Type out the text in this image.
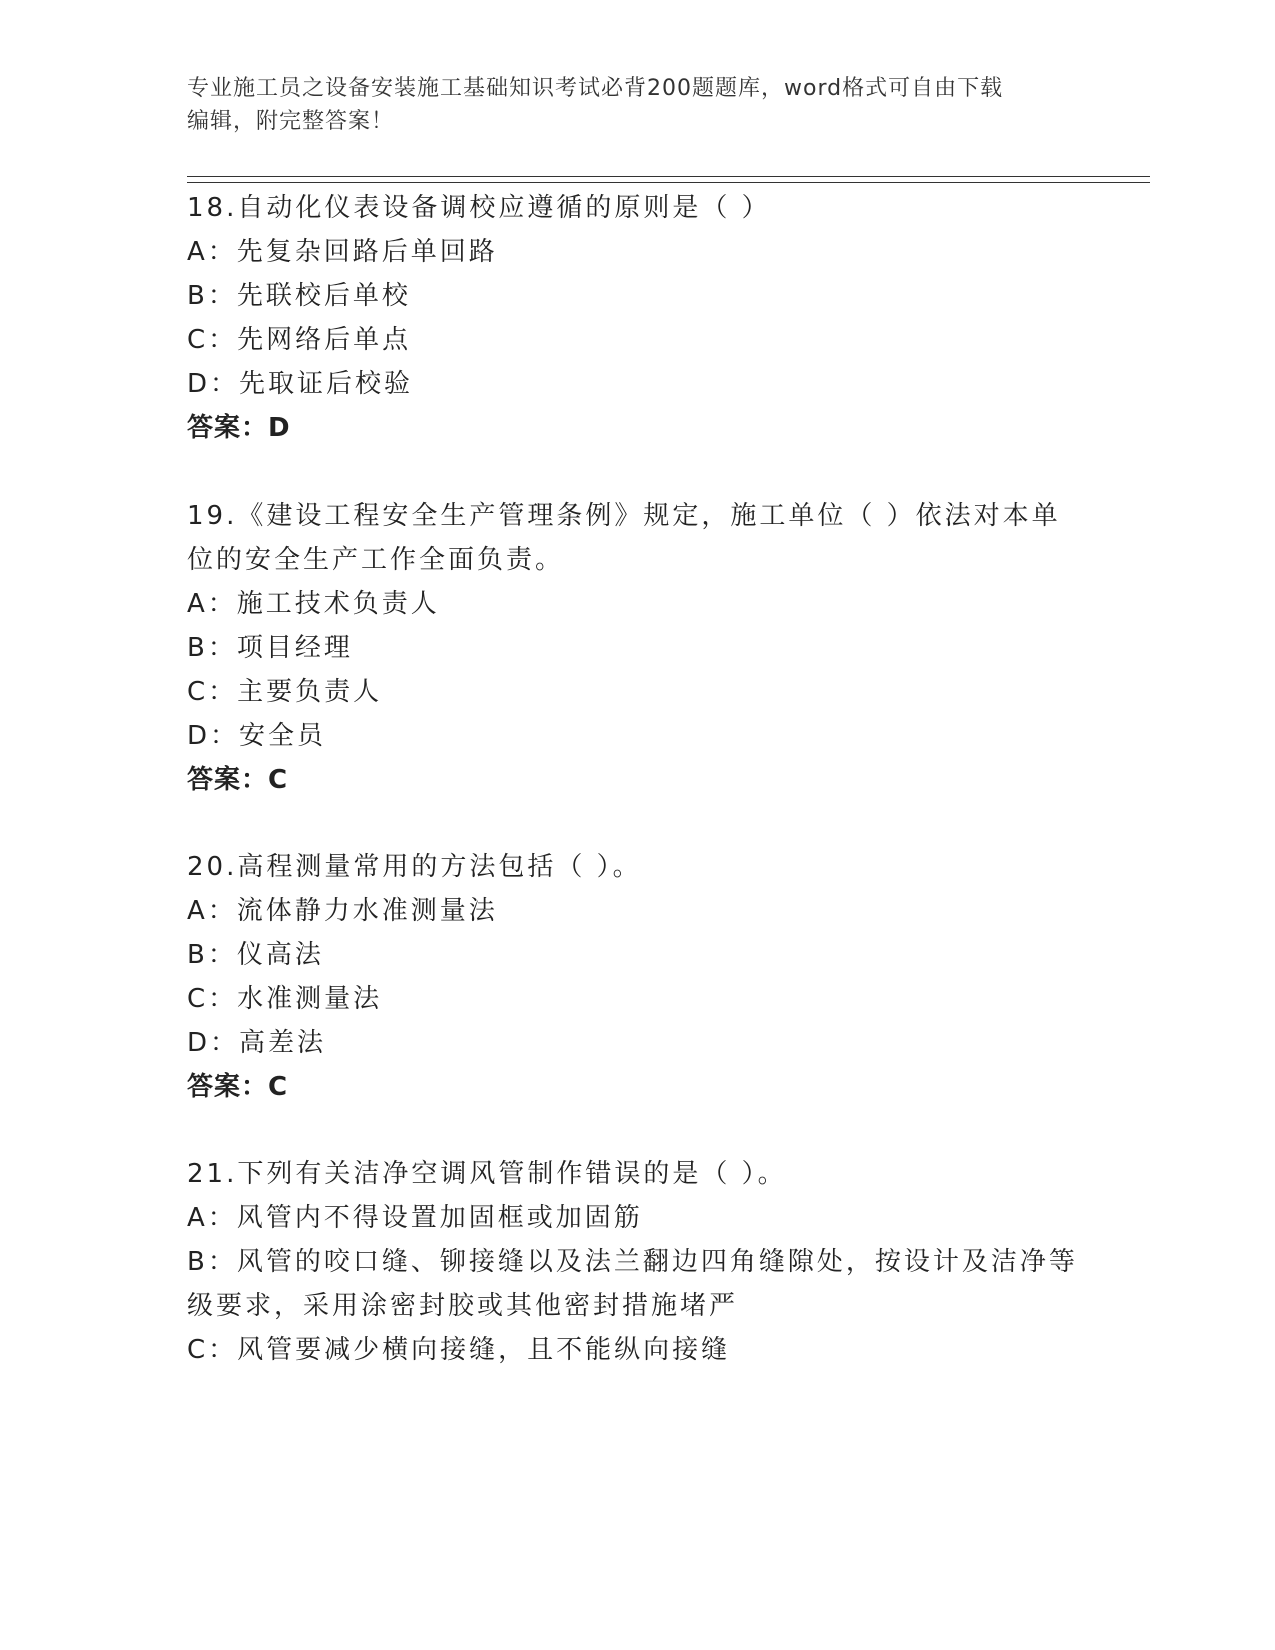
专业施工员之设备安装施工基础知识考试必背200题题库，word格式可自由下载
编辑，附完整答案！
18.自动化仪表设备调校应遵循的原则是（ ）
A：先复杂回路后单回路
B：先联校后单校
C：先网络后单点
D：先取证后校验
答案：D
19.《建设工程安全生产管理条例》规定，施工单位（ ）依法对本单
位的安全生产工作全面负责。
A：施工技术负责人
B：项目经理
C：主要负责人
D：安全员
答案：C
20.高程测量常用的方法包括（ ）。
A：流体静力水准测量法
B：仪高法
C：水准测量法
D：高差法
答案：C
21.下列有关洁净空调风管制作错误的是（ ）。
A：风管内不得设置加固框或加固筋
B：风管的咬口缝、铆接缝以及法兰翻边四角缝隙处，按设计及洁净等
级要求，采用涂密封胶或其他密封措施堵严
C：风管要减少横向接缝，且不能纵向接缝
